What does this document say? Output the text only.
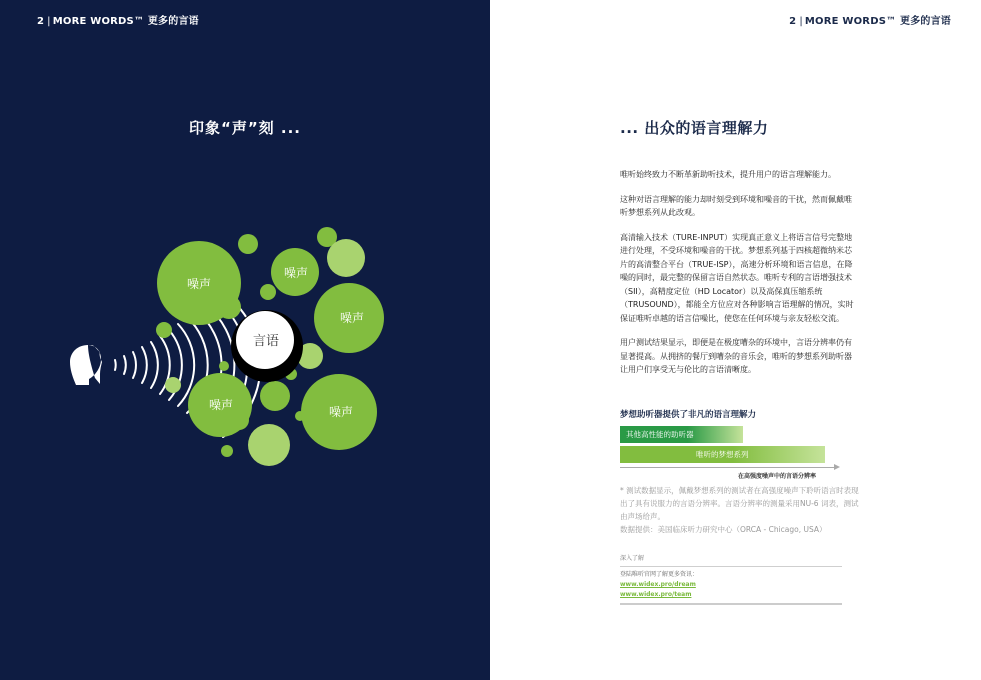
2 | MORE WORDS™ 更多的言语
印象“声”刻 ...
言语
噪声
噪声
噪声
噪声	噪声
2 | MORE WORDS™ 更多的言语
... 出众的语言理解力

唯听始终致力不断革新助听技术，提升用户的语言理解能力。

这种对语言理解的能力却时刻受到环境和噪音的干扰，然而佩戴唯听梦想系列从此改观。

高清输入技术（TURE-INPUT）实现真正意义上将语言信号完整地进行处理，不受环境和噪音的干扰。梦想系列基于四核超微纳米芯片的高清整合平台（TRUE-ISP），高速分析环境和语言信息，在降噪的同时，最完整的保留言语自然状态。唯听专利的言语增强技术（SII），高精度定位（HD Locator）以及高保真压缩系统（TRUSOUND），都能全方位应对各种影响言语理解的情况，实时保证唯听卓越的语言信噪比，使您在任何环境与亲友轻松交流。

用户测试结果显示，即便是在极度嘈杂的环境中，言语分辨率仍有显著提高。从拥挤的餐厅到嘈杂的音乐会，唯听的梦想系列助听器让用户们享受无与伦比的言语清晰度。

梦想助听器提供了非凡的语言理解力
其他高性能的助听器
唯听的梦想系列
在高强度噪声中的言语分辨率
* 测试数据显示，佩戴梦想系列的测试者在高强度噪声下聆听语言时表现出了具有说服力的言语分辨率。言语分辨率的测量采用NU-6 词表，测试由声场给声。
数据提供：美国临床听力研究中心（ORCA - Chicago, USA）
深入了解
登陆唯听官网了解更多资讯：
www.widex.pro/dream
www.widex.pro/team
